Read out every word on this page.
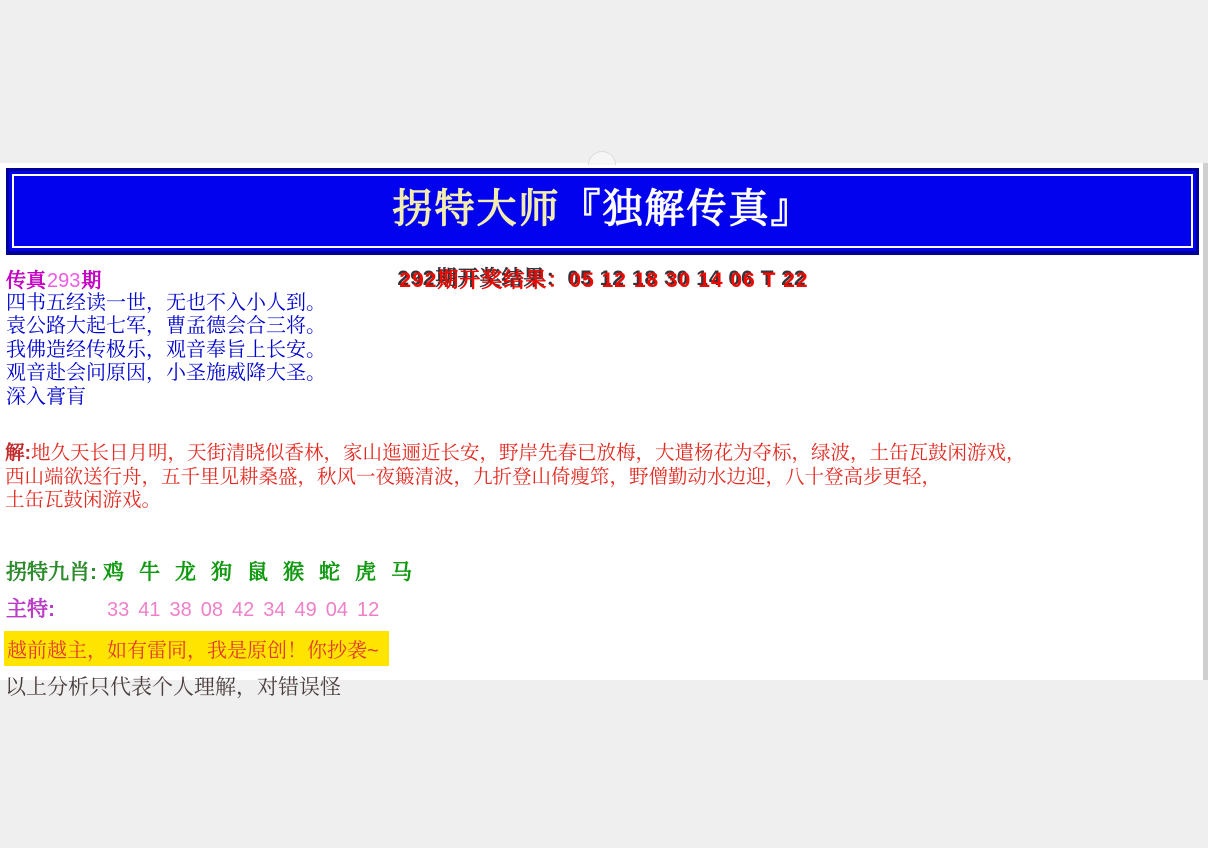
拐特大师『独解传真』
传真293期	292期开奖结果：05 12 18 30 14 06 T 22
四书五经读一世，无也不入小人到。
袁公路大起七军，曹孟德会合三将。
我佛造经传极乐，观音奉旨上长安。
观音赴会问原因，小圣施威降大圣。
深入膏肓
解:地久天长日月明，天街清晓似香林，家山迤逦近长安，野岸先春已放梅，大遣杨花为夺标，绿波，土缶瓦鼓闲游戏，
西山端欲送行舟，五千里见耕桑盛，秋风一夜簸清波，九折登山倚瘦筇，野僧勤动水边迎，八十登高步更轻，
土缶瓦鼓闲游戏。
拐特九肖: 鸡 牛 龙 狗 鼠 猴 蛇 虎 马
主特:	33 41 38 08 42 34 49 04 12
越前越主，如有雷同，我是原创！你抄袭~
以上分析只代表个人理解，对错误怪
